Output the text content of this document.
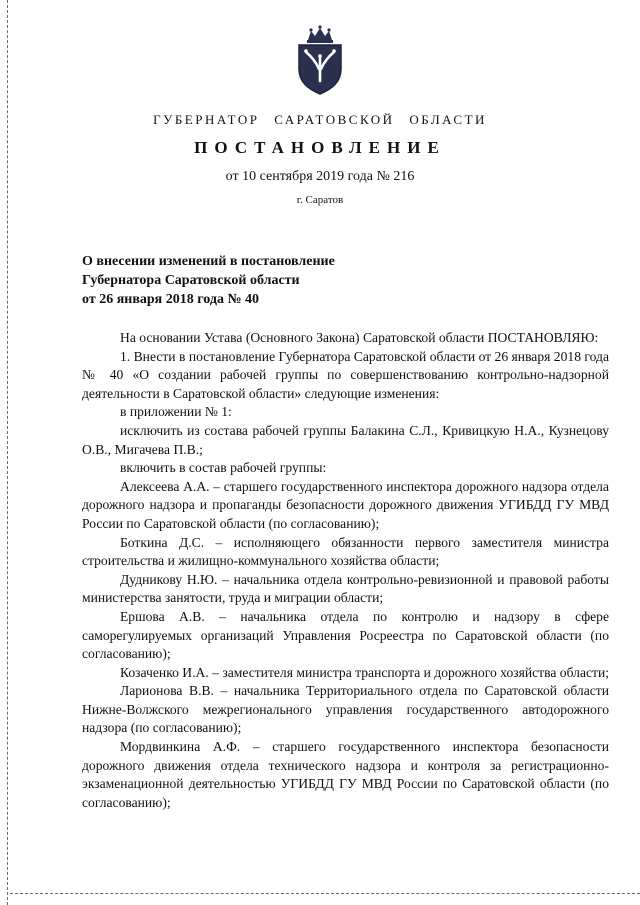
ГУБЕРНАТОР САРАТОВСКОЙ ОБЛАСТИ
ПОСТАНОВЛЕНИЕ
от 10 сентября 2019 года № 216
г. Саратов
О внесении изменений в постановление
Губернатора Саратовской области
от 26 января 2018 года № 40

На основании Устава (Основного Закона) Саратовской области ПОСТАНОВЛЯЮ:

1. Внести в постановление Губернатора Саратовской области от 26 января 2018 года № 40 «О создании рабочей группы по совершенствованию контрольно-надзорной деятельности в Саратовской области» следующие изменения:

в приложении № 1:

исключить из состава рабочей группы Балакина С.Л., Кривицкую Н.А., Кузнецову О.В., Мигачева П.В.;

включить в состав рабочей группы:

Алексеева А.А. – старшего государственного инспектора дорожного надзора отдела дорожного надзора и пропаганды безопасности дорожного движения УГИБДД ГУ МВД России по Саратовской области (по согласованию);

Боткина Д.С. – исполняющего обязанности первого заместителя министра строительства и жилищно-коммунального хозяйства области;

Дудникову Н.Ю. – начальника отдела контрольно-ревизионной и правовой работы министерства занятости, труда и миграции области;

Ершова А.В. – начальника отдела по контролю и надзору в сфере саморегулируемых организаций Управления Росреестра по Саратовской области (по согласованию);

Козаченко И.А. – заместителя министра транспорта и дорожного хозяйства области;

Ларионова В.В. – начальника Территориального отдела по Саратовской области Нижне-Волжского межрегионального управления государственного автодорожного надзора (по согласованию);

Мордвинкина А.Ф. – старшего государственного инспектора безопасности дорожного движения отдела технического надзора и контроля за регистрационно-экзаменационной деятельностью УГИБДД ГУ МВД России по Саратовской области (по согласованию);
